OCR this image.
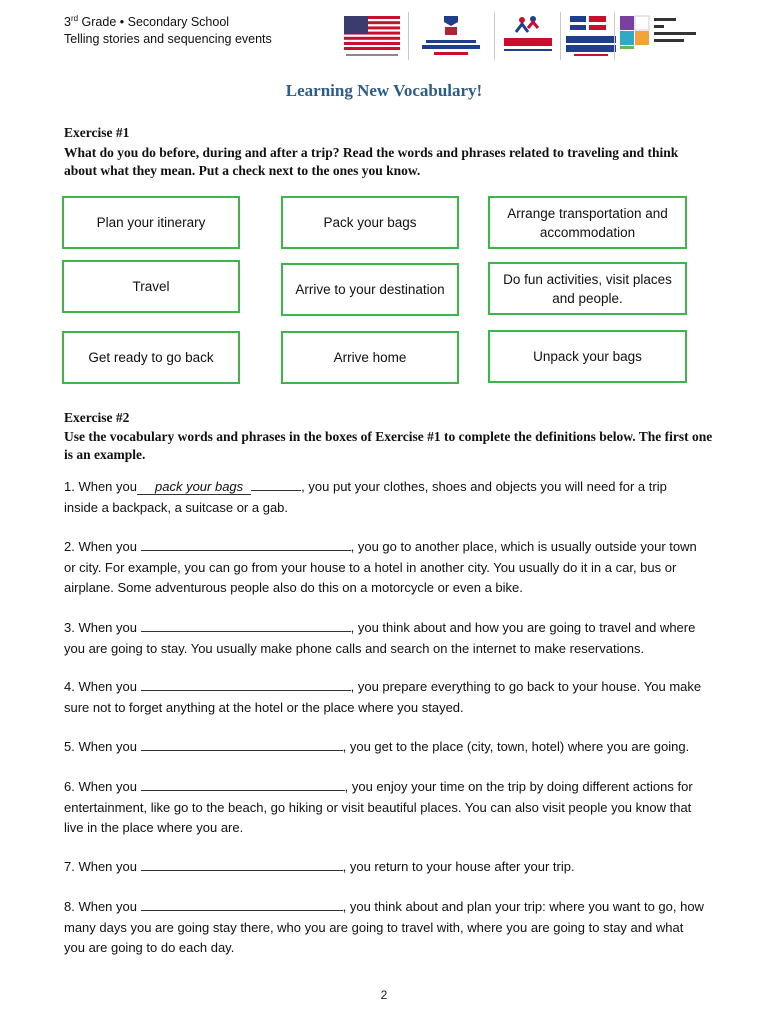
3rd Grade • Secondary School
Telling stories and sequencing events
Learning New Vocabulary!
Exercise #1
What do you do before, during and after a trip? Read the words and phrases related to traveling and think about what they mean. Put a check next to the ones you know.
Plan your itinerary	Pack your bags
Arrange transportation and accommodation
Travel	Arrive to your destination
Do fun activities, visit places and people.
Get ready to go back	Arrive home	Unpack your bags
Exercise #2
Use the vocabulary words and phrases in the boxes of Exercise #1 to complete the definitions below. The first one is an example.
1. When you pack your bags	, you put your clothes, shoes and objects you will need for a trip inside a backpack, a suitcase or a gab.
2. When you	, you go to another place, which is usually outside your town or city. For example, you can go from your house to a hotel in another city. You usually do it in a car, bus or airplane. Some adventurous people also do this on a motorcycle or even a bike.
3. When you	, you think about and how you are going to travel and where you are going to stay. You usually make phone calls and search on the internet to make reservations.
4. When you	, you prepare everything to go back to your house. You make sure not to forget anything at the hotel or the place where you stayed.
5. When you	, you get to the place (city, town, hotel) where you are going.
6. When you	, you enjoy your time on the trip by doing different actions for entertainment, like go to the beach, go hiking or visit beautiful places. You can also visit people you know that live in the place where you are.
7. When you	, you return to your house after your trip.
8. When you	, you think about and plan your trip: where you want to go, how many days you are going stay there, who you are going to travel with, where you are going to stay and what you are going to do each day.
2
